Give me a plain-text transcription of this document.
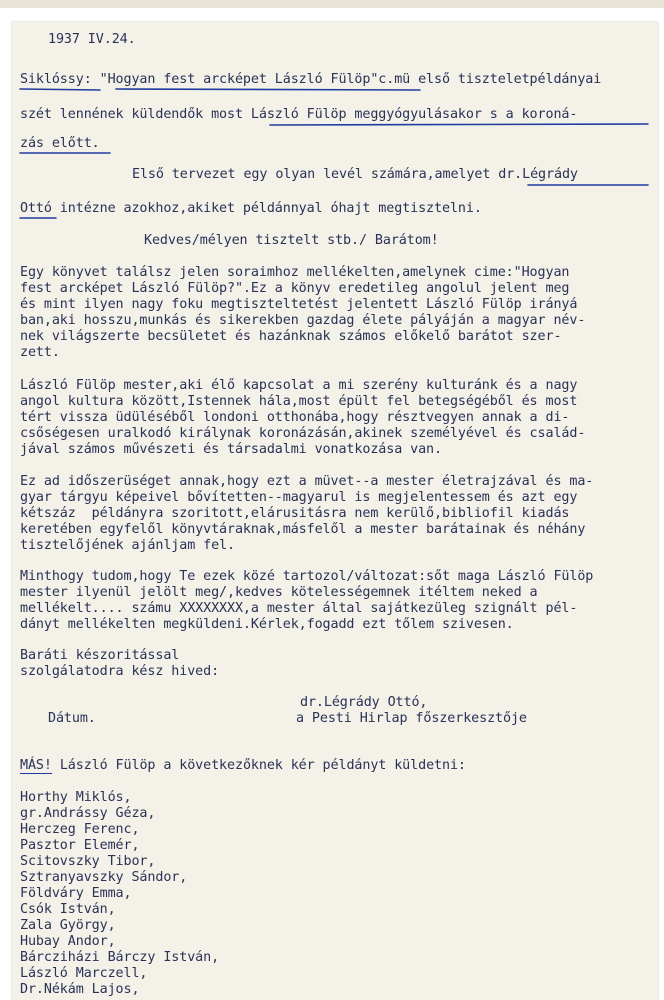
1937 IV.24.
Siklóssy: "Hogyan fest arcképet László Fülöp"c.mü első tiszteletpéldányai
szét lennének küldendők most László Fülöp meggyógyulásakor s a koroná-
zás előtt.
Első tervezet egy olyan levél számára,amelyet dr.Légrády
Ottó intézne azokhoz,akiket példánnyal óhajt megtisztelni.
Kedves/mélyen tisztelt stb./ Barátom!
Egy könyvet találsz jelen soraimhoz mellékelten,amelynek cime:"Hogyan
fest arcképet László Fülöp?".Ez a könyv eredetileg angolul jelent meg
és mint ilyen nagy foku megtiszteltetést jelentett László Fülöp irányá
ban,aki hosszu,munkás és sikerekben gazdag élete pályáján a magyar név-
nek világszerte becsületet és hazánknak számos előkelő barátot szer-
zett.
László Fülöp mester,aki élő kapcsolat a mi szerény kulturánk és a nagy
angol kultura között,Istennek hála,most épült fel betegségéből és most
tért vissza üdüléséből londoni otthonába,hogy résztvegyen annak a di-
csőségesen uralkodó királynak koronázásán,akinek személyével és család-
jával számos művészeti és társadalmi vonatkozása van.
Ez ad időszerüséget annak,hogy ezt a müvet--a mester életrajzával és ma-
gyar tárgyu képeivel bővítetten--magyarul is megjelentessem és azt egy
kétszáz  példányra szoritott,elárusitásra nem kerülő,bibliofil kiadás
keretében egyfelől könyvtáraknak,másfelől a mester barátainak és néhány
tisztelőjének ajánljam fel.
Minthogy tudom,hogy Te ezek közé tartozol/változat:sőt maga László Fülöp
mester ilyenül jelölt meg/,kedves kötelességemnek itéltem neked a
mellékelt.... számu XXXXXXXX,a mester által sajátkezüleg szignált pél-
dányt mellékelten megküldeni.Kérlek,fogadd ezt tőlem szivesen.
Baráti készoritással
szolgálatodra kész hived:
dr.Légrády Ottó,
a Pesti Hirlap főszerkesztője
Dátum.
MÁS! László Fülöp a következőknek kér példányt küldetni:
Horthy Miklós,
gr.Andrássy Géza,
Herczeg Ferenc,
Pasztor Elemér,
Scitovszky Tibor,
Sztranyavszky Sándor,
Földváry Emma,
Csók István,
Zala György,
Hubay Andor,
Bárcziházi Bárczy István,
László Marczell,
Dr.Nékám Lajos,
